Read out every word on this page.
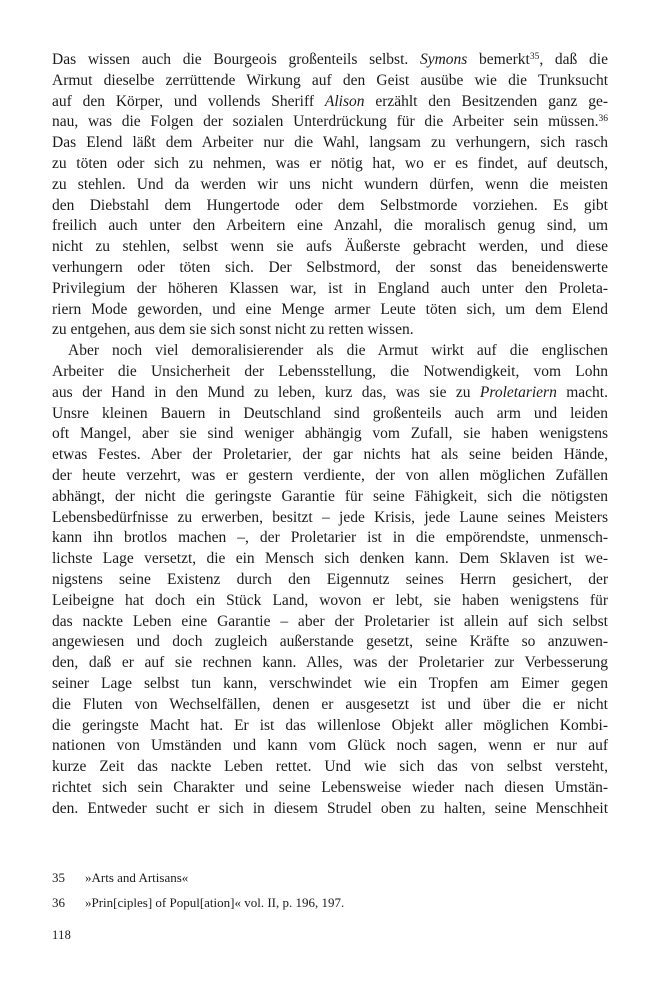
Das wissen auch die Bourgeois großenteils selbst. Symons bemerkt$^{35}$, daß die
Armut dieselbe zerrüttende Wirkung auf den Geist ausübe wie die Trunksucht
auf den Körper, und vollends Sheriff Alison erzählt den Besitzenden ganz ge-
nau, was die Folgen der sozialen Unterdrückung für die Arbeiter sein müssen.$^{36}$
Das Elend läßt dem Arbeiter nur die Wahl, langsam zu verhungern, sich rasch
zu töten oder sich zu nehmen, was er nötig hat, wo er es findet, auf deutsch,
zu stehlen. Und da werden wir uns nicht wundern dürfen, wenn die meisten
den Diebstahl dem Hungertode oder dem Selbstmorde vorziehen. Es gibt
freilich auch unter den Arbeitern eine Anzahl, die moralisch genug sind, um
nicht zu stehlen, selbst wenn sie aufs Äußerste gebracht werden, und diese
verhungern oder töten sich. Der Selbstmord, der sonst das beneidenswerte
Privilegium der höheren Klassen war, ist in England auch unter den Proleta-
riern Mode geworden, und eine Menge armer Leute töten sich, um dem Elend
zu entgehen, aus dem sie sich sonst nicht zu retten wissen.
Aber noch viel demoralisierender als die Armut wirkt auf die englischen
Arbeiter die Unsicherheit der Lebensstellung, die Notwendigkeit, vom Lohn
aus der Hand in den Mund zu leben, kurz das, was sie zu Proletariern macht.
Unsre kleinen Bauern in Deutschland sind großenteils auch arm und leiden
oft Mangel, aber sie sind weniger abhängig vom Zufall, sie haben wenigstens
etwas Festes. Aber der Proletarier, der gar nichts hat als seine beiden Hände,
der heute verzehrt, was er gestern verdiente, der von allen möglichen Zufällen
abhängt, der nicht die geringste Garantie für seine Fähigkeit, sich die nötigsten
Lebensbedürfnisse zu erwerben, besitzt – jede Krisis, jede Laune seines Meisters
kann ihn brotlos machen –, der Proletarier ist in die empörendste, unmensch-
lichste Lage versetzt, die ein Mensch sich denken kann. Dem Sklaven ist we-
nigstens seine Existenz durch den Eigennutz seines Herrn gesichert, der
Leibeigne hat doch ein Stück Land, wovon er lebt, sie haben wenigstens für
das nackte Leben eine Garantie – aber der Proletarier ist allein auf sich selbst
angewiesen und doch zugleich außerstande gesetzt, seine Kräfte so anzuwen-
den, daß er auf sie rechnen kann. Alles, was der Proletarier zur Verbesserung
seiner Lage selbst tun kann, verschwindet wie ein Tropfen am Eimer gegen
die Fluten von Wechselfällen, denen er ausgesetzt ist und über die er nicht
die geringste Macht hat. Er ist das willenlose Objekt aller möglichen Kombi-
nationen von Umständen und kann vom Glück noch sagen, wenn er nur auf
kurze Zeit das nackte Leben rettet. Und wie sich das von selbst versteht,
richtet sich sein Charakter und seine Lebensweise wieder nach diesen Umstän-
den. Entweder sucht er sich in diesem Strudel oben zu halten, seine Menschheit
35	»Arts and Artisans«
36	»Prin[ciples] of Popul[ation]« vol. II, p. 196, 197.
118
